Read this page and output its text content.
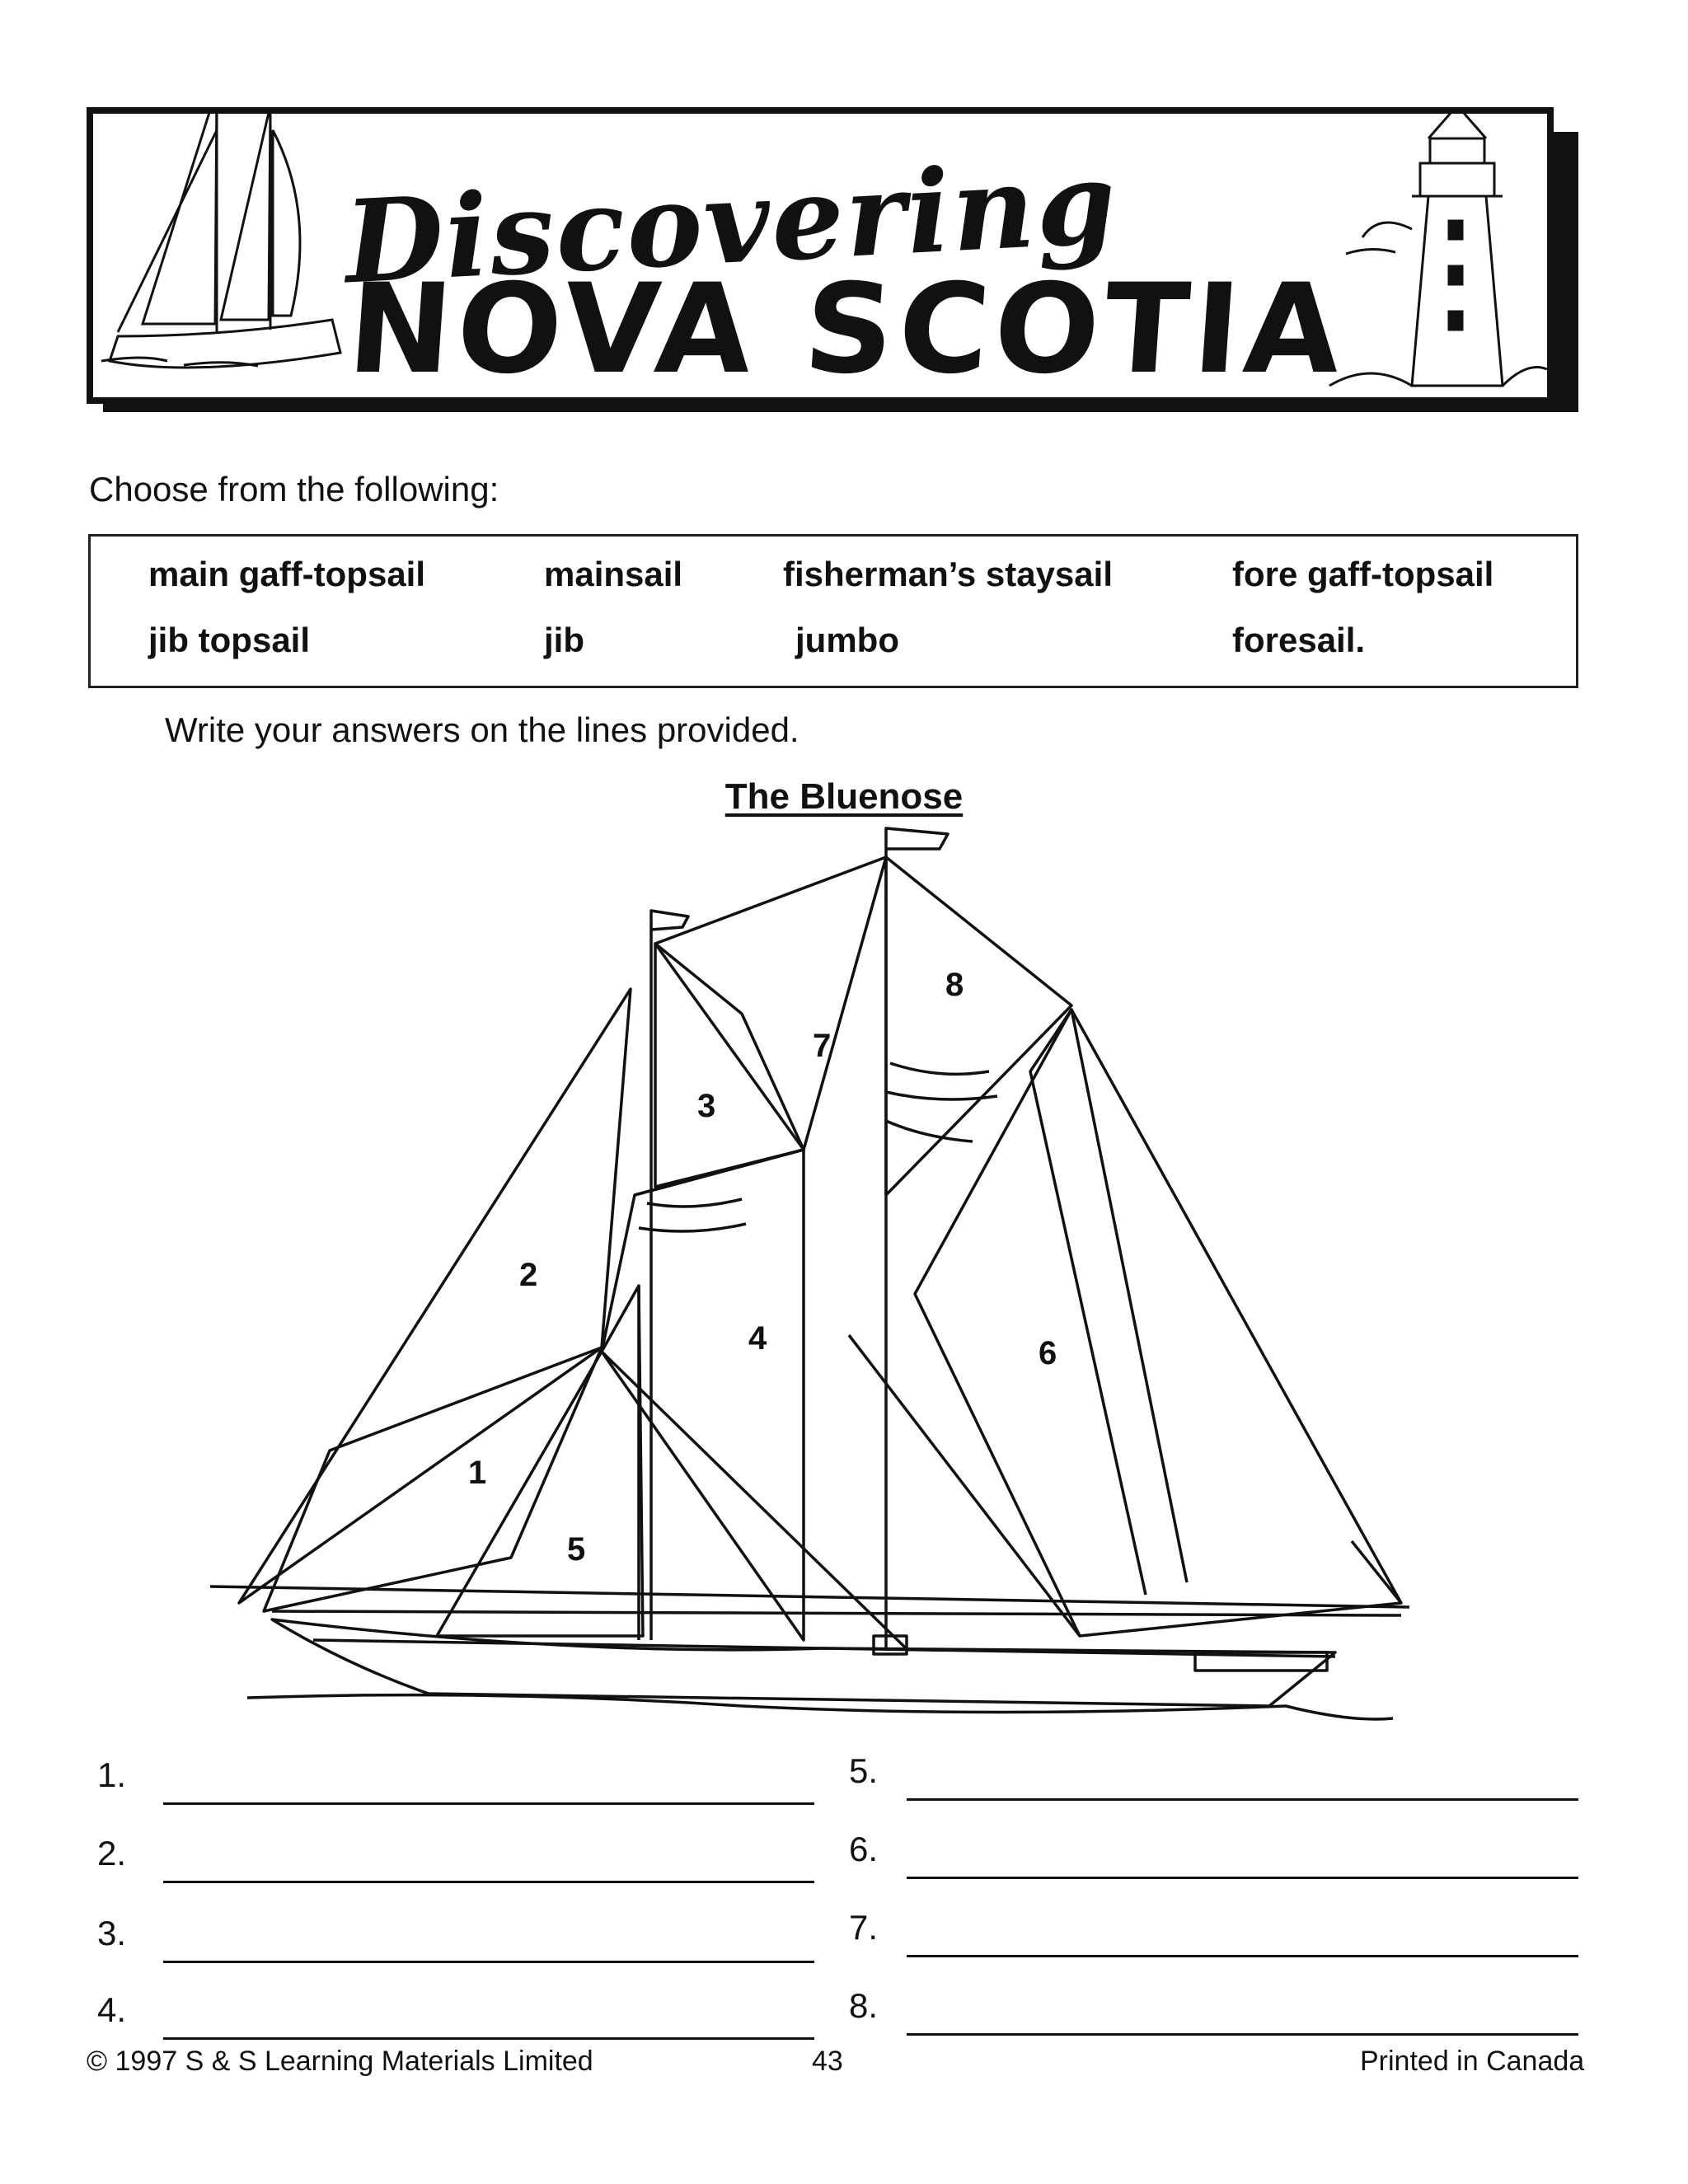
Discovering
NOVA SCOTIA
Choose from the following:
main gaff-topsail	mainsail	fisherman’s staysail	fore gaff-topsail
jib topsail	jib	jumbo	foresail.
Write your answers on the lines provided.
The Bluenose
1
2
3
4
5
6
7
8
1.
2.
3.
4.
5.
6.
7.
8.
© 1997 S & S Learning Materials Limited	43	Printed in Canada
